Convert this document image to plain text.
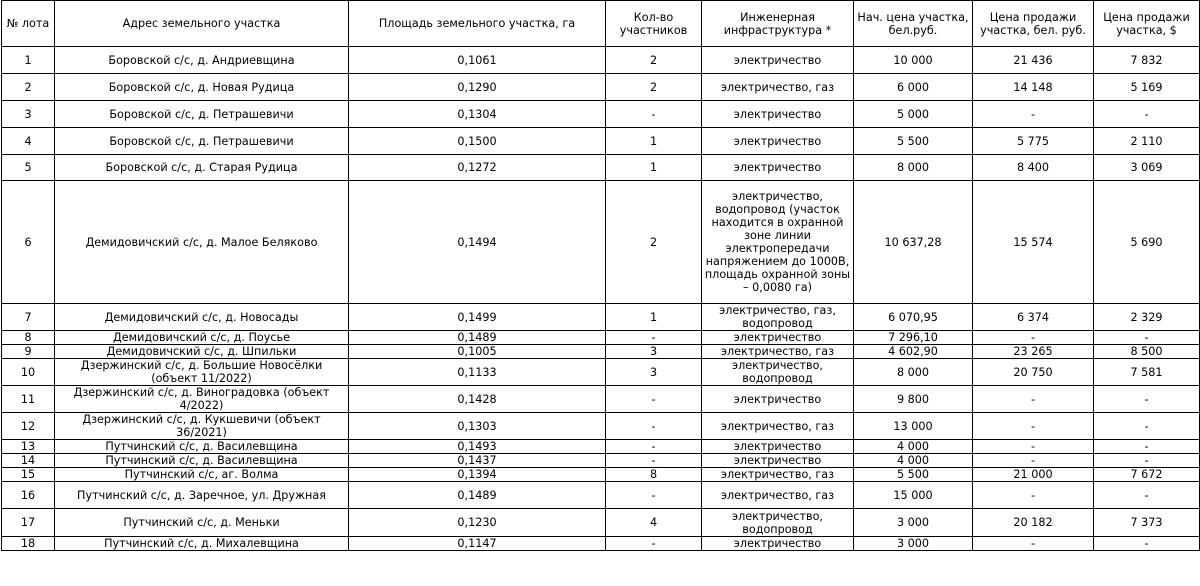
№ лота	Адрес земельного участка	Площадь земельного участка, га	Кол-во участников	Инженерная инфраструктура *	Нач. цена участка, бел.руб.	Цена продажи участка, бел. руб.	Цена продажи участка, $
1	Боровской с/с, д. Андриевщина	0,1061	2	электричество	10 000	21 436	7 832
2	Боровской с/с, д. Новая Рудица	0,1290	2	электричество, газ	6 000	14 148	5 169
3	Боровской с/с, д. Петрашевичи	0,1304	-	электричество	5 000	-	-
4	Боровской с/с, д. Петрашевичи	0,1500	1	электричество	5 500	5 775	2 110
5	Боровской с/с, д. Старая Рудица	0,1272	1	электричество	8 000	8 400	3 069
6	Демидовичский с/с, д. Малое Беляково	0,1494	2	электричество, водопровод (участок находится в охранной зоне линии электропередачи напряжением до 1000В, площадь охранной зоны – 0,0080 га)	10 637,28	15 574	5 690
7	Демидовичский с/с, д. Новосады	0,1499	1	электричество, газ, водопровод	6 070,95	6 374	2 329
8	Демидовичский с/с, д. Поусье	0,1489	-	электричество	7 296,10	-	-
9	Демидовичский с/с, д. Шпильки	0,1005	3	электричество, газ	4 602,90	23 265	8 500
10	Дзержинский с/с, д. Большие Новосёлки (объект 11/2022)	0,1133	3	электричество, водопровод	8 000	20 750	7 581
11	Дзержинский с/с, д. Виноградовка (объект 4/2022)	0,1428	-	электричество	9 800	-	-
12	Дзержинский с/с, д. Кукшевичи (объект 36/2021)	0,1303	-	электричество, газ	13 000	-	-
13	Путчинский с/с, д. Василевщина	0,1493	-	электричество	4 000	-	-
14	Путчинский с/с, д. Василевщина	0,1437	-	электричество	4 000	-	-
15	Путчинский с/с, аг. Волма	0,1394	8	электричество, газ	5 500	21 000	7 672
16	Путчинский с/с, д. Заречное, ул. Дружная	0,1489	-	электричество, газ	15 000	-	-
17	Путчинский с/с, д. Меньки	0,1230	4	электричество, водопровод	3 000	20 182	7 373
18	Путчинский с/с, д. Михалевщина	0,1147	-	электричество	3 000	-	-
